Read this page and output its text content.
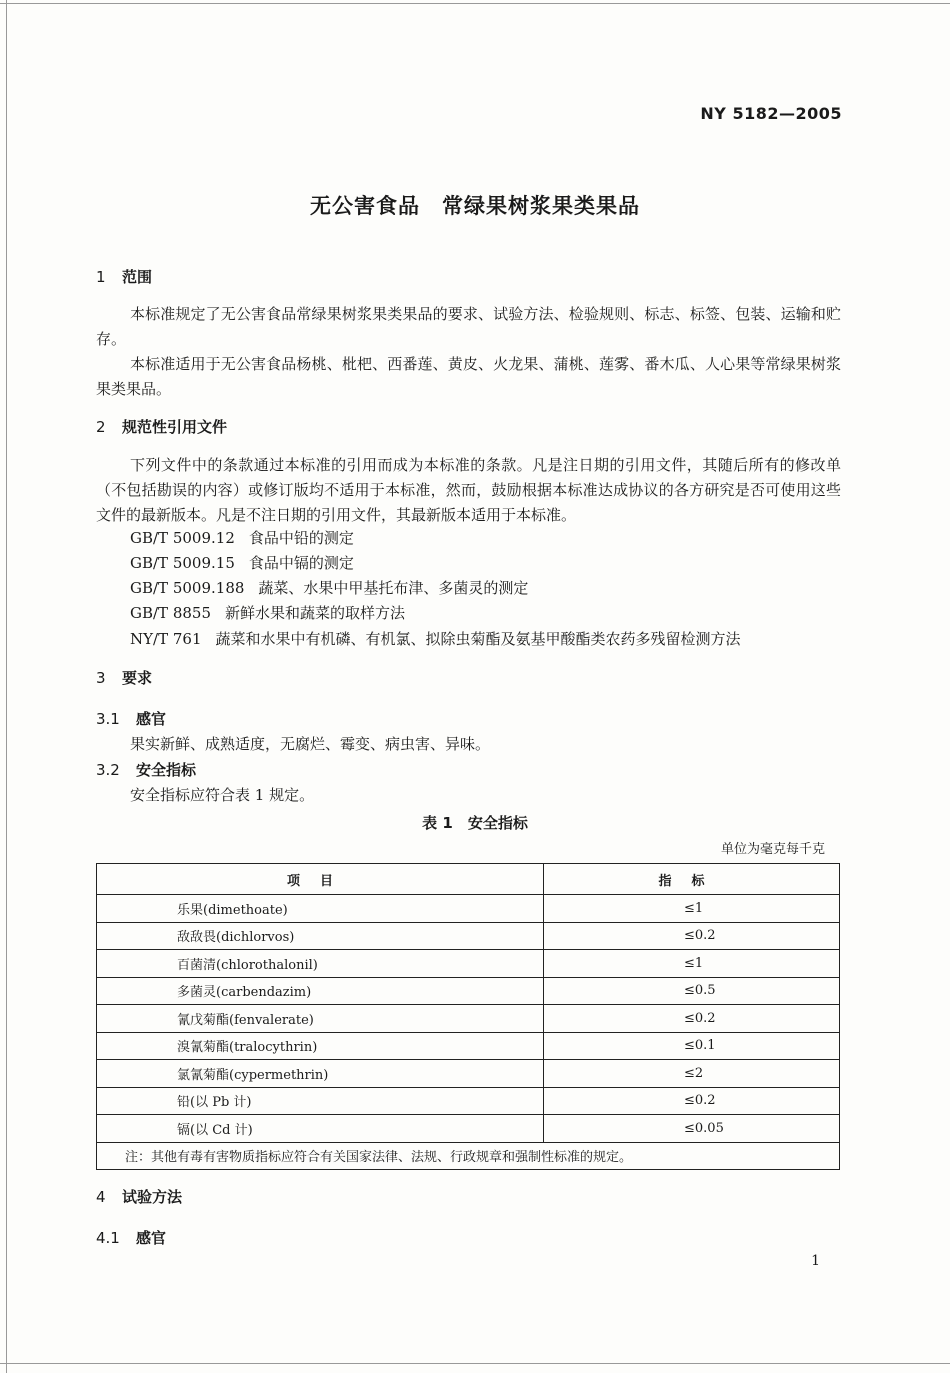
NY 5182—2005
无公害食品　常绿果树浆果类果品
1 范围
本标准规定了无公害食品常绿果树浆果类果品的要求、试验方法、检验规则、标志、标签、包装、运输和贮存。
本标准适用于无公害食品杨桃、枇杷、西番莲、黄皮、火龙果、蒲桃、莲雾、番木瓜、人心果等常绿果树浆果类果品。
2 规范性引用文件
下列文件中的条款通过本标准的引用而成为本标准的条款。凡是注日期的引用文件，其随后所有的修改单（不包括勘误的内容）或修订版均不适用于本标准，然而，鼓励根据本标准达成协议的各方研究是否可使用这些文件的最新版本。凡是不注日期的引用文件，其最新版本适用于本标准。
GB/T 5009.12 食品中铅的测定
GB/T 5009.15 食品中镉的测定
GB/T 5009.188 蔬菜、水果中甲基托布津、多菌灵的测定
GB/T 8855 新鲜水果和蔬菜的取样方法
NY/T 761 蔬菜和水果中有机磷、有机氯、拟除虫菊酯及氨基甲酸酯类农药多残留检测方法
3 要求
3.1 感官
果实新鲜、成熟适度，无腐烂、霉变、病虫害、异味。
3.2 安全指标
安全指标应符合表 1 规定。
表 1　安全指标
单位为毫克每千克
项目	指标
乐果(dimethoate)	≤1
敌敌畏(dichlorvos)	≤0.2
百菌清(chlorothalonil)	≤1
多菌灵(carbendazim)	≤0.5
氰戊菊酯(fenvalerate)	≤0.2
溴氰菊酯(tralocythrin)	≤0.1
氯氰菊酯(cypermethrin)	≤2
铅(以 Pb 计)	≤0.2
镉(以 Cd 计)	≤0.05
注：其他有毒有害物质指标应符合有关国家法律、法规、行政规章和强制性标准的规定。	
4 试验方法
4.1 感官
1
